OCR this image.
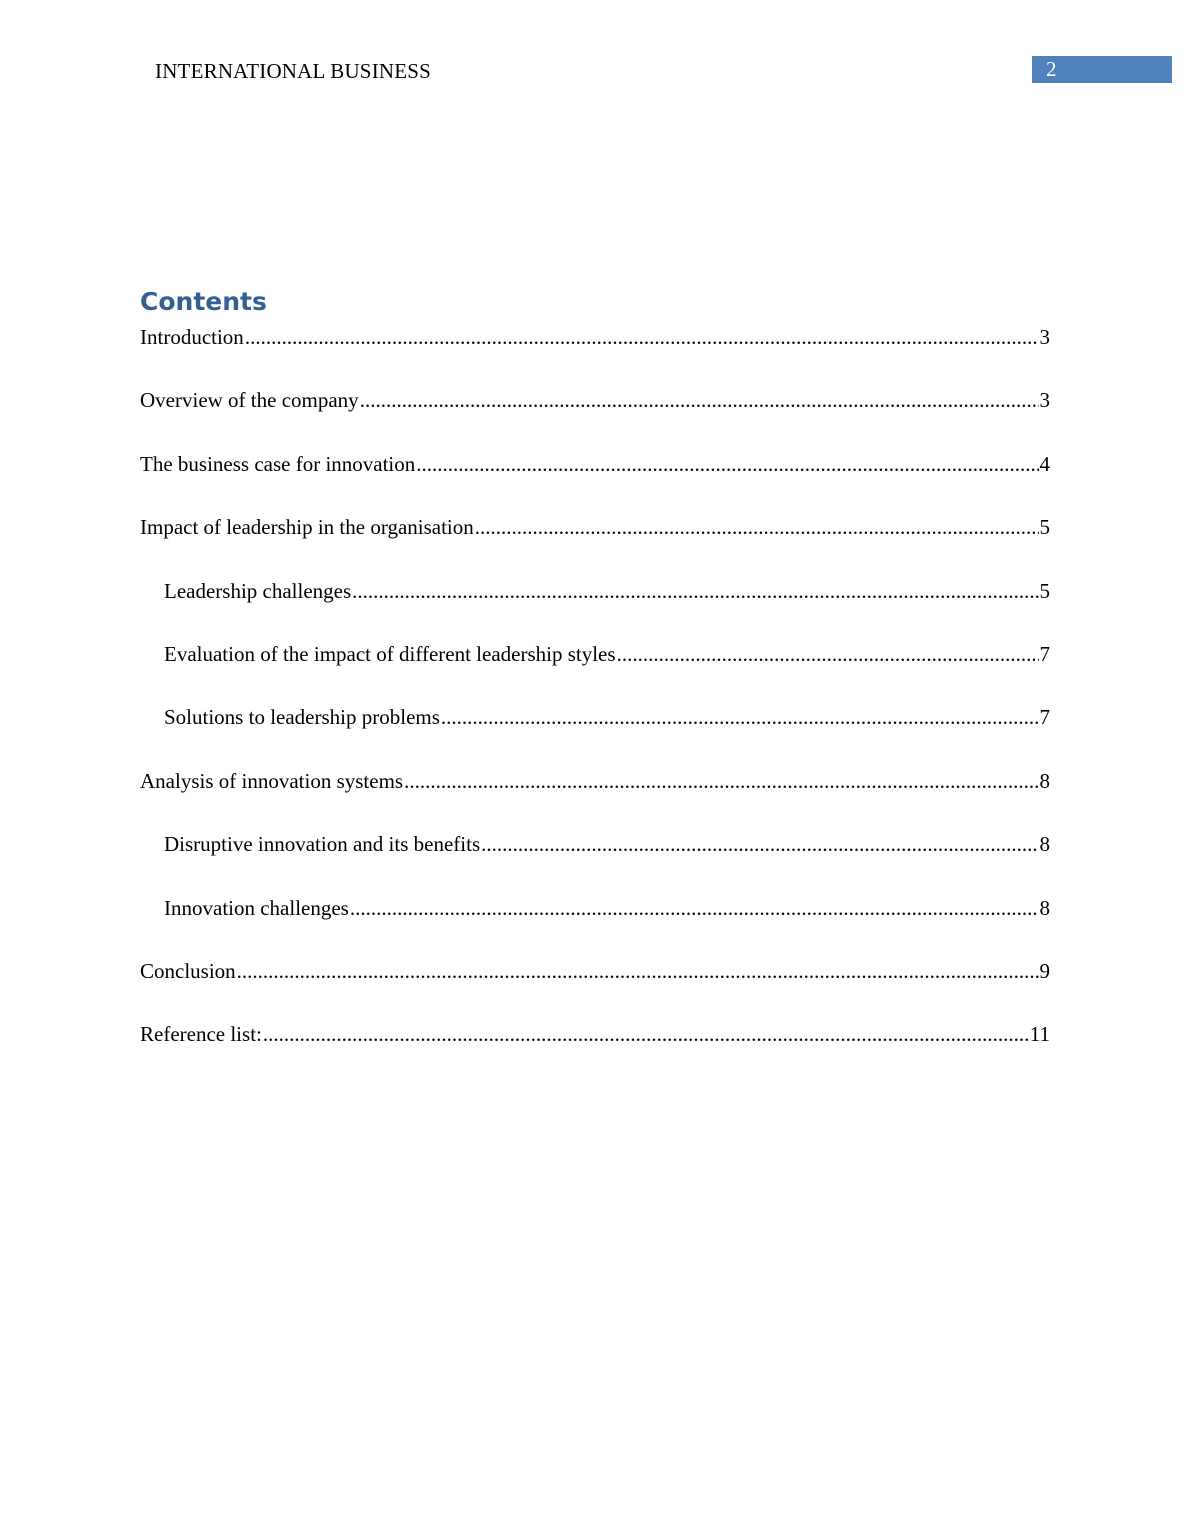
INTERNATIONAL BUSINESS	2
Contents
Introduction .....	3
Overview of the company .....	3
The business case for innovation .....	4
Impact of leadership in the organisation .....	5
Leadership challenges .....	5
Evaluation of the impact of different leadership styles .....	7
Solutions to leadership problems .....	7
Analysis of innovation systems .....	8
Disruptive innovation and its benefits .....	8
Innovation challenges .....	8
Conclusion .....	9
Reference list: .....	11
